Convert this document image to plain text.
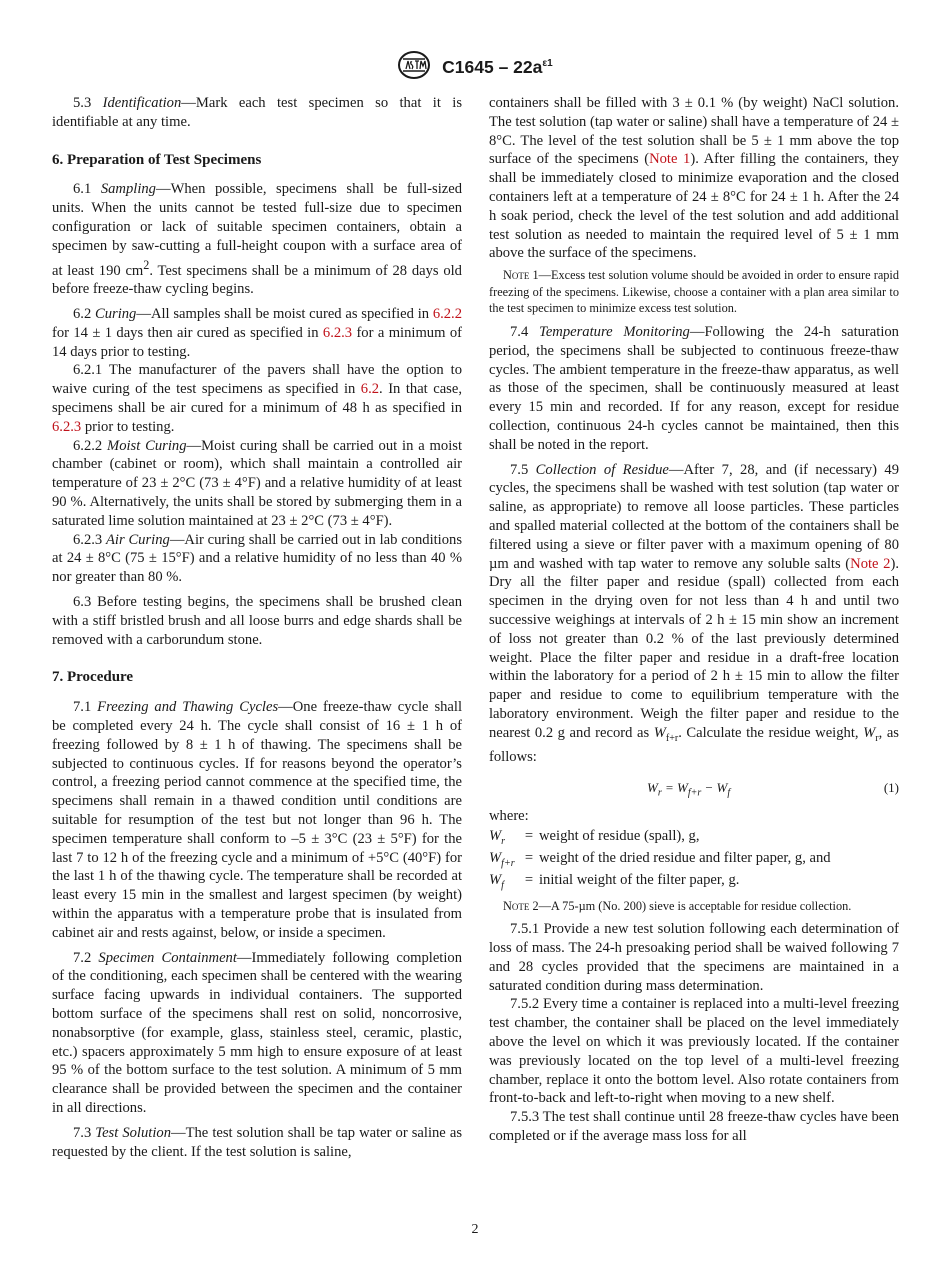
$C1645 - 22a^{\varepsilon 1}$

5.3 Identification—Mark each test specimen so that it is identifiable at any time.

6. Preparation of Test Specimens

6.1 Sampling—When possible, specimens shall be full-sized units. When the units cannot be tested full-size due to specimen configuration or lack of suitable specimen containers, obtain a specimen by saw-cutting a full-height coupon with a surface area of at least 190 $cm^2$. Test specimens shall be a minimum of 28 days old before freeze-thaw cycling begins.

6.2 Curing—All samples shall be moist cured as specified in 6.2.2 for 14 ± 1 days then air cured as specified in 6.2.3 for a minimum of 14 days prior to testing.

6.2.1 The manufacturer of the pavers shall have the option to waive curing of the test specimens as specified in 6.2. In that case, specimens shall be air cured for a minimum of 48 h as specified in 6.2.3 prior to testing.

6.2.2 Moist Curing—Moist curing shall be carried out in a moist chamber (cabinet or room), which shall maintain a controlled air temperature of 23 ± 2°C (73 ± 4°F) and a relative humidity of at least 90 %. Alternatively, the units shall be stored by submerging them in a saturated lime solution maintained at 23 ± 2°C (73 ± 4°F).

6.2.3 Air Curing—Air curing shall be carried out in lab conditions at 24 ± 8°C (75 ± 15°F) and a relative humidity of no less than 40 % nor greater than 80 %.

6.3 Before testing begins, the specimens shall be brushed clean with a stiff bristled brush and all loose burrs and edge shards shall be removed with a carborundum stone.

7. Procedure

7.1 Freezing and Thawing Cycles—One freeze-thaw cycle shall be completed every 24 h. The cycle shall consist of 16 ± 1 h of freezing followed by 8 ± 1 h of thawing. The specimens shall be subjected to continuous cycles. If for reasons beyond the operator’s control, a freezing period cannot commence at the specified time, the specimens shall remain in a thawed condition until conditions are suitable for resumption of the test but not longer than 96 h. The specimen temperature shall conform to –5 ± 3°C (23 ± 5°F) for the last 7 to 12 h of the freezing cycle and a minimum of +5°C (40°F) for the last 1 h of the thawing cycle. The temperature shall be recorded at least every 15 min in the smallest and largest specimen (by weight) within the apparatus with a temperature probe that is insulated from cabinet air and rests against, below, or inside a specimen.

7.2 Specimen Containment—Immediately following completion of the conditioning, each specimen shall be centered with the wearing surface facing upwards in individual containers. The supported bottom surface of the specimens shall rest on solid, noncorrosive, nonabsorptive (for example, glass, stainless steel, ceramic, plastic, etc.) spacers approximately 5 mm high to ensure exposure of at least 95 % of the bottom surface to the test solution. A minimum of 5 mm clearance shall be provided between the specimen and the container in all directions.

7.3 Test Solution—The test solution shall be tap water or saline as requested by the client. If the test solution is saline,

containers shall be filled with 3 ± 0.1 % (by weight) NaCl solution. The test solution (tap water or saline) shall have a temperature of 24 ± 8°C. The level of the test solution shall be 5 ± 1 mm above the top surface of the specimens (Note 1). After filling the containers, they shall be immediately closed to minimize evaporation and the closed containers left at a temperature of 24 ± 8°C for 24 ± 1 h. After the 24 h soak period, check the level of the test solution and add additional test solution as needed to maintain the required level of 5 ± 1 mm above the surface of the specimens.

Note 1—Excess test solution volume should be avoided in order to ensure rapid freezing of the specimens. Likewise, choose a container with a plan area similar to the test specimen to minimize excess test solution.

7.4 Temperature Monitoring—Following the 24-h saturation period, the specimens shall be subjected to continuous freeze-thaw cycles. The ambient temperature in the freeze-thaw apparatus, as well as those of the specimen, shall be continuously measured at least every 15 min and recorded. If for any reason, except for residue collection, continuous 24-h cycles cannot be maintained, then this shall be noted in the report.

7.5 Collection of Residue—After 7, 28, and (if necessary) 49 cycles, the specimens shall be washed with test solution (tap water or saline, as appropriate) to remove all loose particles. These particles and spalled material collected at the bottom of the containers shall be filtered using a sieve or filter paver with a maximum opening of 80 µm and washed with tap water to remove any soluble salts (Note 2). Dry all the filter paper and residue (spall) collected from each specimen in the drying oven for not less than 4 h and until two successive weighings at intervals of 2 h ± 15 min show an increment of loss not greater than 0.2 % of the last previously determined weight. Place the filter paper and residue in a draft-free location within the laboratory for a period of 2 h ± 15 min to allow the filter paper and residue to come to equilibrium temperature with the laboratory environment. Weigh the filter paper and residue to the nearest 0.2 g and record as $W_{f+r}$. Calculate the residue weight, $W_r$, as follows:

$W_r = W_{f+r} - W_f$	(1)
where:
$W_r$	= weight of residue (spall), g,
$W_{f+r}$ = weight of the dried residue and filter paper, g, and
$W_f$	= initial weight of the filter paper, g.

Note 2—A 75-µm (No. 200) sieve is acceptable for residue collection.

7.5.1 Provide a new test solution following each determination of loss of mass. The 24-h presoaking period shall be waived following 7 and 28 cycles provided that the specimens are maintained in a saturated condition during mass determination.

7.5.2 Every time a container is replaced into a multi-level freezing test chamber, the container shall be placed on the level immediately above the level on which it was previously located. If the container was previously located on the top level of a multi-level freezing chamber, replace it onto the bottom level. Also rotate containers from front-to-back and left-to-right when moving to a new shelf.

7.5.3 The test shall continue until 28 freeze-thaw cycles have been completed or if the average mass loss for all

2
